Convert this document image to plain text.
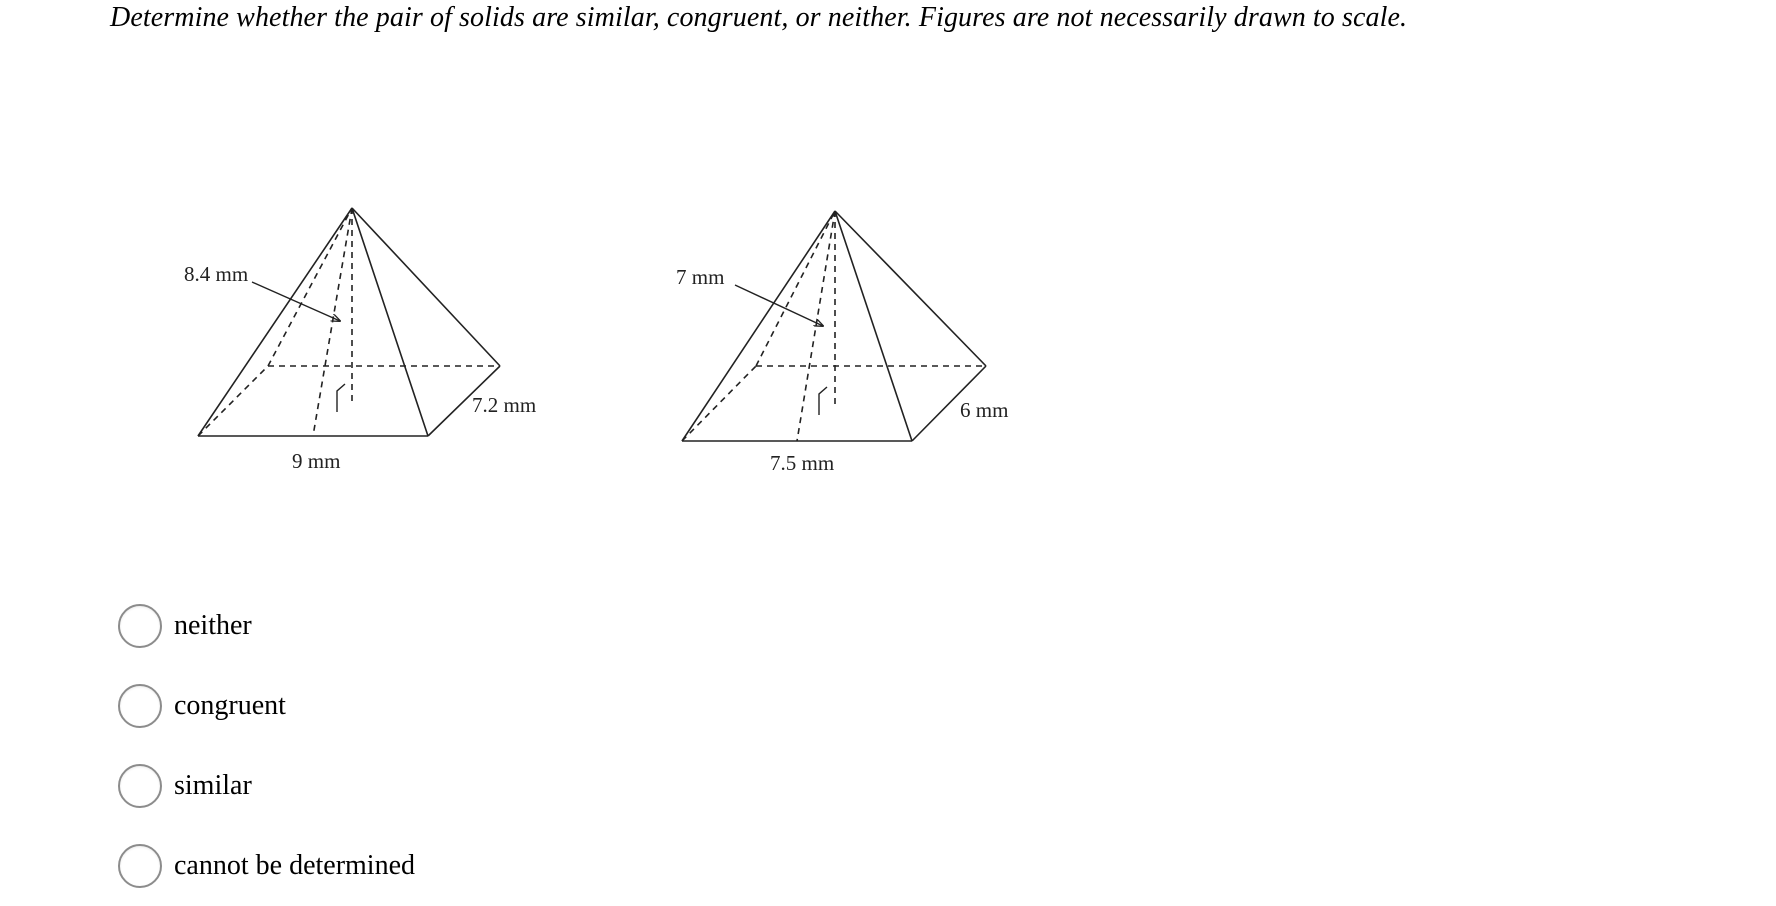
Determine whether the pair of solids are similar, congruent, or neither. Figures are not necessarily drawn to scale.
8.4 mm
9 mm
7.2 mm
7 mm
7.5 mm
6 mm
neither
congruent
similar
cannot be determined
